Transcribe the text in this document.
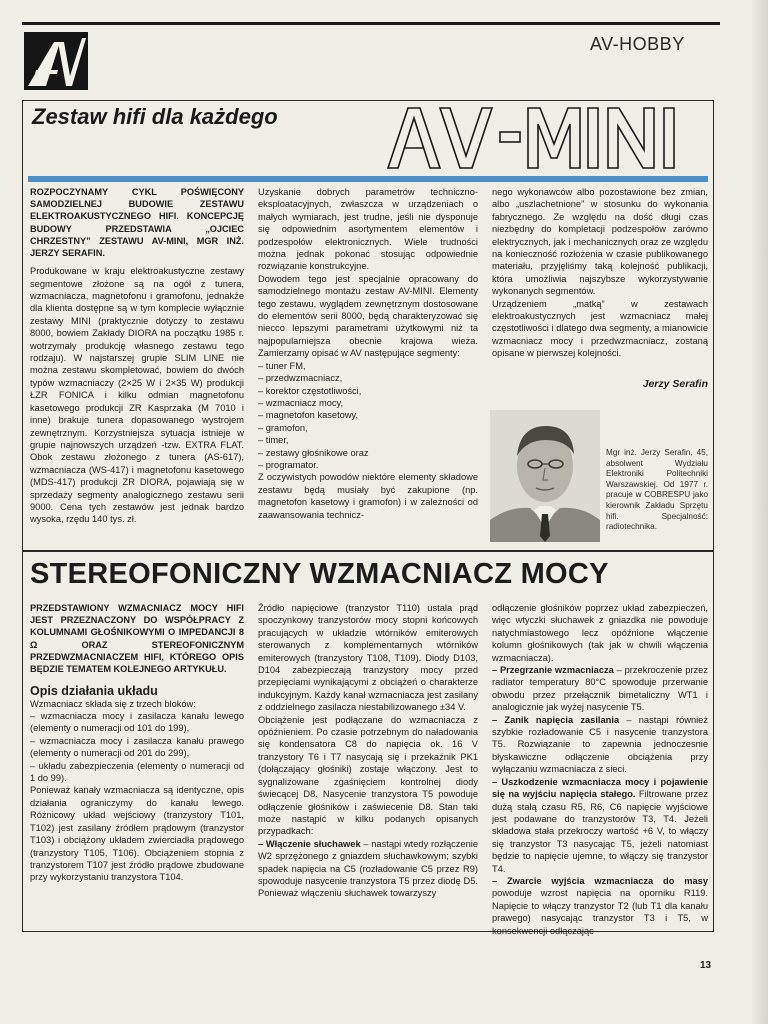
AV-HOBBY
Zestaw hifi dla każdego

ROZPOCZYNAMY CYKL POŚWIĘCONY SAMODZIELNEJ BUDOWIE ZESTAWU ELEKTROAKUSTYCZNEGO HIFI. KONCEPCJĘ BUDOWY PRZEDSTAWIA „OJCIEC CHRZESTNY” ZESTAWU AV-MINI, MGR INŻ. JERZY SERAFIN.

Produkowane w kraju elektroakustyczne zestawy segmentowe złożone są na ogół z tunera, wzmacniacza, magnetofonu i gramofonu, jednakże dla klienta dostępne są w tym komplecie wyłącznie zestawy MINI (praktycznie dotyczy to zestawu 8000, bowiem Zakłady DIORA na początku 1985 r. wotrzymały produkcję własnego zestawu tego rodzaju). W najstarszej grupie SLIM LINE nie można zestawu skompletować, bowiem do dwóch typów wzmacniaczy (2×25 W i 2×35 W) produkcji ŁZR FONICA i kilku odmian magnetofonu kasetowego produkcji ZR Kasprzaka (M 7010 i inne) brakuje tunera dopasowanego wystrojem zewnętrznym. Korzystniejsza sytuacja istnieje w grupie najnowszych urządzeń -tzw. EXTRA FLAT. Obok zestawu złożonego z tunera (AS-617), wzmacniacza (WS-417) i magnetofonu kasetowego (MDS-417) produkcji ZR DIORA, pojawiają się w sprzedaży segmenty analogicznego zestawu serii 9000. Cena tych zestawów jest jednak bardzo wysoka, rzędu 140 tys. zł.

Uzyskanie dobrych parametrów techniczno-eksploatacyjnych, zwłaszcza w urządzeniach o małych wymiarach, jest trudne, jeśli nie dysponuje się odpowiednim asortymentem elementów i podzespołów elektronicznych. Wiele trudności można jednak pokonać stosując odpowiednie rozwiązanie konstrukcyjne.

Dowodem tego jest specjalnie opracowany do samodzielnego montażu zestaw AV-MINI. Elementy tego zestawu, wyglądem zewnętrznym dostosowane do elementów serii 8000, będą charakteryzować się niecco lepszymi parametrami użytkowymi niż ta najpopularniejsza obecnie krajowa wieża. Zamierzamy opisać w AV następujące segmenty:

– tuner FM,
– przedwzmacniacz,
– korektor częstotliwości,
– wzmacniacz mocy,
– magnetofon kasetowy,
– gramofon,
– timer,
– zestawy głośnikowe oraz
– programator.

Z oczywistych powodów niektóre elementy składowe zestawu będą musiały być zakupione (np. magnetofon kasetowy i gramofon) i w zależności od zaawansowania technicz-

nego wykonawców albo pozostawione bez zmian, albo „uszlachetnione” w stosunku do wykonania fabrycznego. Ze względu na dość długi czas niezbędny do kompletacji podzespołów zarówno elektrycznych, jak i mechanicznych oraz ze względu na konieczność rozłożenia w czasie publikowanego materiału, przyjęliśmy taką kolejność publikacji, która umożliwia najszybsze wykorzystywanie wykonanych segmentów.

Urządzeniem „matką” w zestawach elektroakustycznych jest wzmacniacz małej częstotliwości i dlatego dwa segmenty, a mianowicie wzmacniacz mocy i przedwzmacniacz, zostaną opisane w pierwszej kolejności.

Jerzy Serafin

Mgr inż. Jerzy Serafin, 45, absolwent Wydziału Elektroniki Politechniki Warszawskiej. Od 1977 r. pracuje w COBRESPU jako kierownik Zakładu Sprzętu hifi. Specjalność: radiotechnika.
STEREOFONICZNY WZMACNIACZ MOCY

PRZEDSTAWIONY WZMACNIACZ MOCY HIFI JEST PRZEZNACZONY DO WSPÓŁPRACY Z KOLUMNAMI GŁOŚNIKOWYMI O IMPEDANCJI 8 Ω ORAZ STEREOFONICZNYM PRZEDWZMACNIACZEM HIFI, KTÓREGO OPIS BĘDZIE TEMATEM KOLEJNEGO ARTYKUŁU.

Opis działania układu

Wzmacniacz składa się z trzech bloków:

– wzmacniacza mocy i zasilacza kanału lewego (elementy o numeracji od 101 do 199),
– wzmacniacza mocy i zasilacza kanału prawego (elementy o numeracji od 201 do 299),
– układu zabezpieczenia (elementy o numeracji od 1 do 99).

Ponieważ kanały wzmacniacza są identyczne, opis działania ograniczymy do kanału lewego. Różnicowy układ wejściowy (tranzystory T101, T102) jest zasilany źródłem prądowym (tranzystor T103) i obciążony układem zwierciadła prądowego (tranzystory T105, T106). Obciążeniem stopnia z tranzystorem T107 jest źródło prądowe zbudowane przy wykorzystaniu tranzystora T104.

Źródło napięciowe (tranzystor T110) ustala prąd spoczynkowy tranzystorów mocy stopni końcowych pracujących w układzie wtórników emiterowych sterowanych z komplementarnych wtórników emiterowych (tranzystory T108, T109). Diody D103, D104 zabezpieczają tranzystory mocy przed przepięciami wynikającymi z obciążeń o charakterze indukcyjnym. Każdy kanał wzmacniacza jest zasilany z oddzielnego zasilacza niestabilizowanego ±34 V.

Obciążenie jest podłączane do wzmacniacza z opóźnieniem. Po czasie potrzebnym do naładowania się kondensatora C8 do napięcia ok. 16 V tranzystory T6 i T7 nasycają się i przekaźnik PK1 (dołączający głośniki) zostaje włączony. Jest to sygnalizowane zgaśnięciem kontrolnej diody świecącej D8. Nasycenie tranzystora T5 powoduje odłączenie głośników i zaświecenie D8. Stan taki może nastąpić w kilku podanych opisanych przypadkach:

– Włączenie słuchawek – nastąpi wtedy rozłączenie W2 sprzężonego z gniazdem słuchawkowym; szybki spadek napięcia na C5 (rozładowanie C5 przez R9) spowoduje nasycenie tranzystora T5 przez diodę D5. Ponieważ włączeniu słuchawek towarzyszy

odłączenie głośników poprzez układ zabezpieczeń, więc wtyczki słuchawek z gniazdka nie powoduje natychmiastowego lecz opóźnione włączenie kolumn głośnikowych (tak jak w chwili włączenia wzmacniacza).

– Przegrzanie wzmacniacza – przekroczenie przez radiator temperatury 80°C spowoduje przerwanie obwodu przez przełącznik bimetaliczny WT1 i analogicznie jak wyżej nasycenie T5.

– Zanik napięcia zasilania – nastąpi również szybkie rozładowanie C5 i nasycenie tranzystora T5. Rozwiązanie to zapewnia jednoczesnie błyskawiczne odłączenie obciążenia przy wyłączaniu wzmacniacza z sieci.

– Uszkodzenie wzmacniacza mocy i pojawienie się na wyjściu napięcia stałego. Filtrowane przez dużą stałą czasu R5, R6, C6 napięcie wyjściowe jest podawane do tranzystorów T3, T4. Jeżeli składowa stała przekroczy wartość +6 V, to włączy się tranzystor T3 nasycając T5, jeżeli natomiast będzie to napięcie ujemne, to włączy się tranzystor T4.

– Zwarcie wyjścia wzmacniacza do masy powoduje wzrost napięcia na oporniku R119. Napięcie to włączy tranzystor T2 (lub T1 dla kanału prawego) nasycając tranzystor T3 i T5, w konsekwencji odłączając

13
